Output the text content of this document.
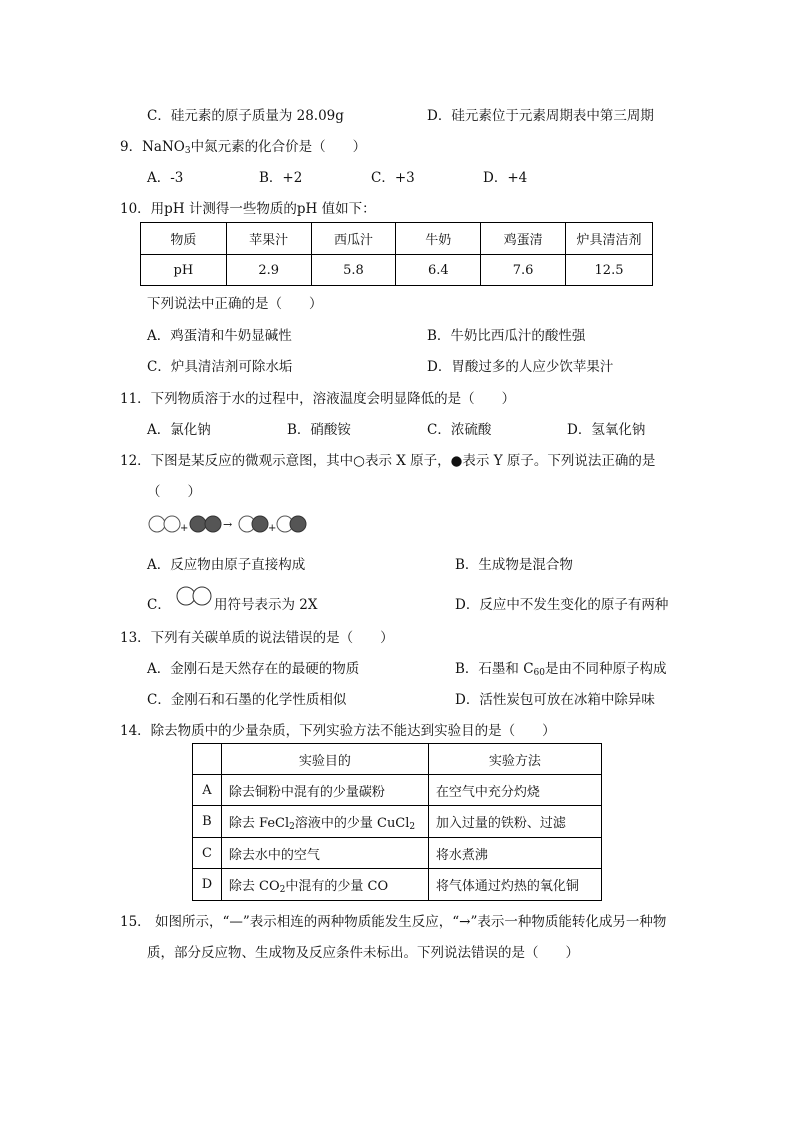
C．硅元素的原子质量为 28.09g	D．硅元素位于元素周期表中第三周期
9．NaNO$_3$中氮元素的化合价是（　　）
A．-3	B．+2	C．+3	D．+4
10．用pH 计测得一些物质的pH 值如下：
物质	苹果汁	西瓜汁	牛奶	鸡蛋清	炉具清洁剂
pH	2.9	5.8	6.4	7.6	12.5
下列说法中正确的是（　　）
A．鸡蛋清和牛奶显碱性	B．牛奶比西瓜汁的酸性强
C．炉具清洁剂可除水垢	D．胃酸过多的人应少饮苹果汁
11．下列物质溶于水的过程中，溶液温度会明显降低的是（　　）
A．氯化钠	B．硝酸铵	C．浓硫酸	D．氢氧化钠
12．下图是某反应的微观示意图，其中○表示 X 原子，●表示 Y 原子。下列说法正确的是
（　　）
+	→	+
A．反应物由原子直接构成	B．生成物是混合物
C．	用符号表示为 2X	D．反应中不发生变化的原子有两种
13．下列有关碳单质的说法错误的是（　　）
A．金刚石是天然存在的最硬的物质	B．石墨和 $C_{60}$是由不同种原子构成
C．金刚石和石墨的化学性质相似	D．活性炭包可放在冰箱中除异味
14．除去物质中的少量杂质，下列实验方法不能达到实验目的是（　　）
	实验目的	实验方法
A	除去铜粉中混有的少量碳粉	在空气中充分灼烧
B	除去 FeCl$_2$溶液中的少量 CuCl$_2$	加入过量的铁粉、过滤
C	除去水中的空气	将水煮沸
D	除去 $CO_2$中混有的少量 CO	将气体通过灼热的氧化铜
15． 如图所示，“—”表示相连的两种物质能发生反应，“→”表示一种物质能转化成另一种物
质，部分反应物、生成物及反应条件未标出。下列说法错误的是（　　）
